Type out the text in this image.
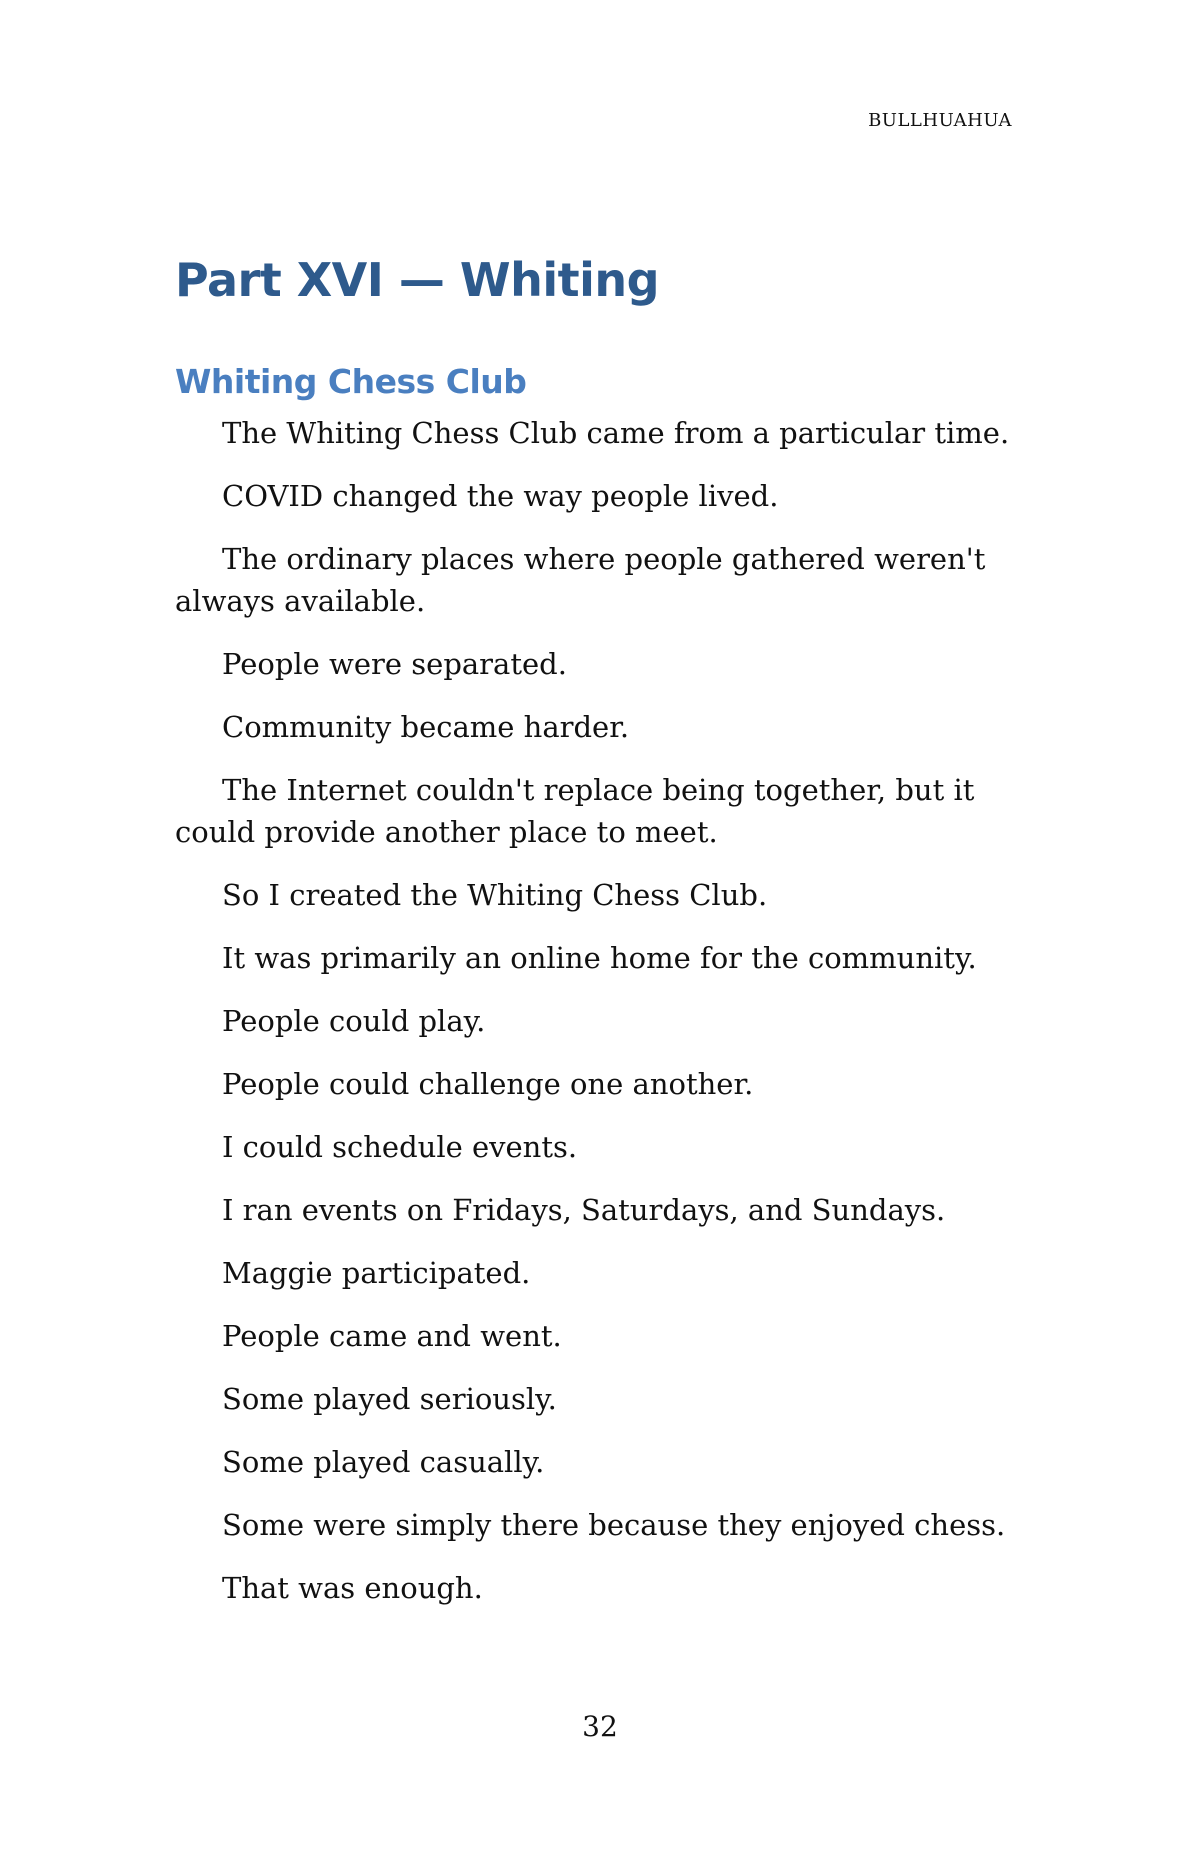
BULLHUAHUA
Part XVI — Whiting
Whiting Chess Club

The Whiting Chess Club came from a particular time.

COVID changed the way people lived.

The ordinary places where people gathered weren't always available.

People were separated.

Community became harder.

The Internet couldn't replace being together, but it could provide another place to meet.

So I created the Whiting Chess Club.

It was primarily an online home for the community.

People could play.

People could challenge one another.

I could schedule events.

I ran events on Fridays, Saturdays, and Sundays.

Maggie participated.

People came and went.

Some played seriously.

Some played casually.

Some were simply there because they enjoyed chess.

That was enough.

32
